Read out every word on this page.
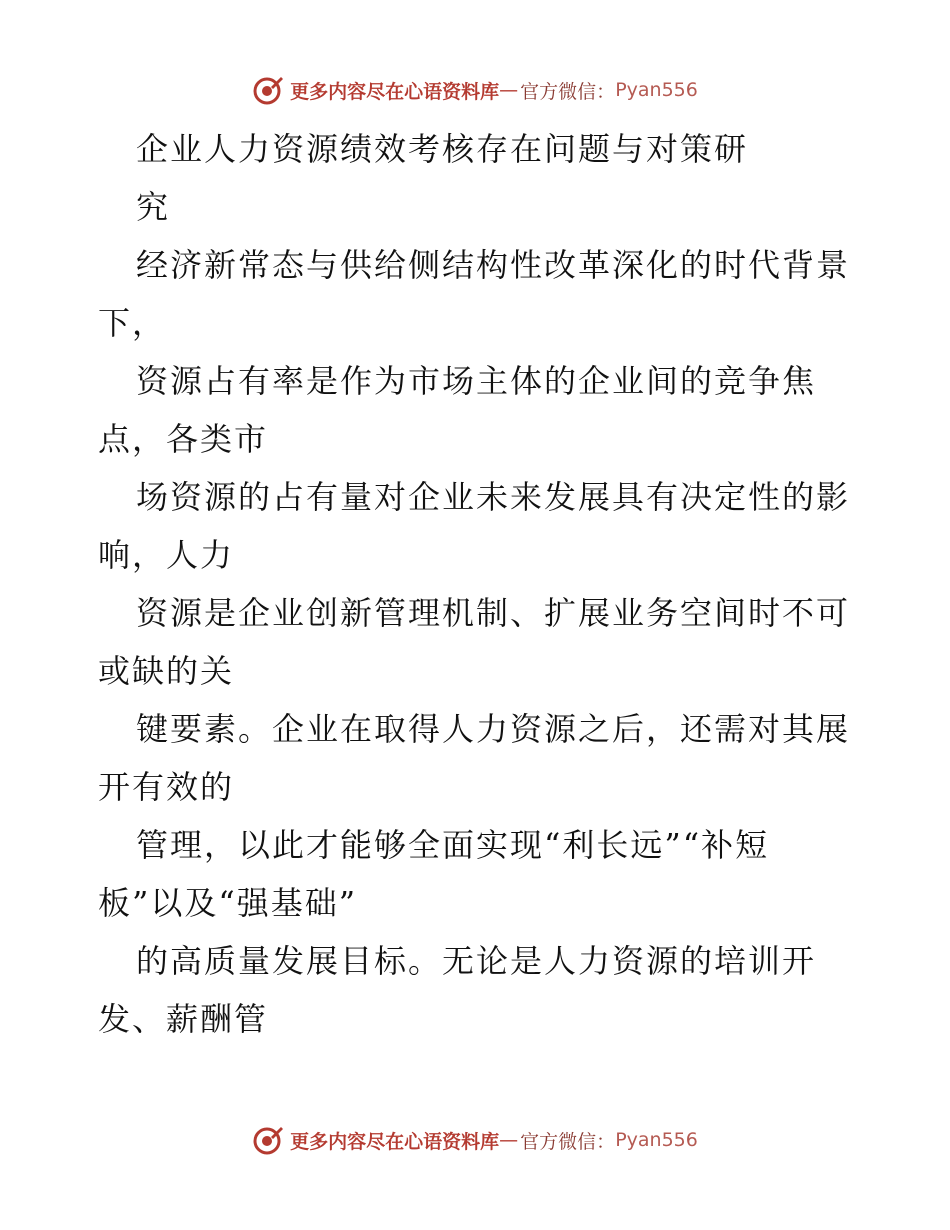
更多内容尽在心语资料库 — 官方微信： Pyan556
企业人力资源绩效考核存在问题与对策研
究
经济新常态与供给侧结构性改革深化的时代背景
下，
资源占有率是作为市场主体的企业间的竞争焦
点，各类市
场资源的占有量对企业未来发展具有决定性的影
响，人力
资源是企业创新管理机制、扩展业务空间时不可
或缺的关
键要素。企业在取得人力资源之后，还需对其展
开有效的
管理，以此才能够全面实现“利长远”“补短
板”以及“强基础”
的高质量发展目标。无论是人力资源的培训开
发、薪酬管
更多内容尽在心语资料库 — 官方微信： Pyan556
